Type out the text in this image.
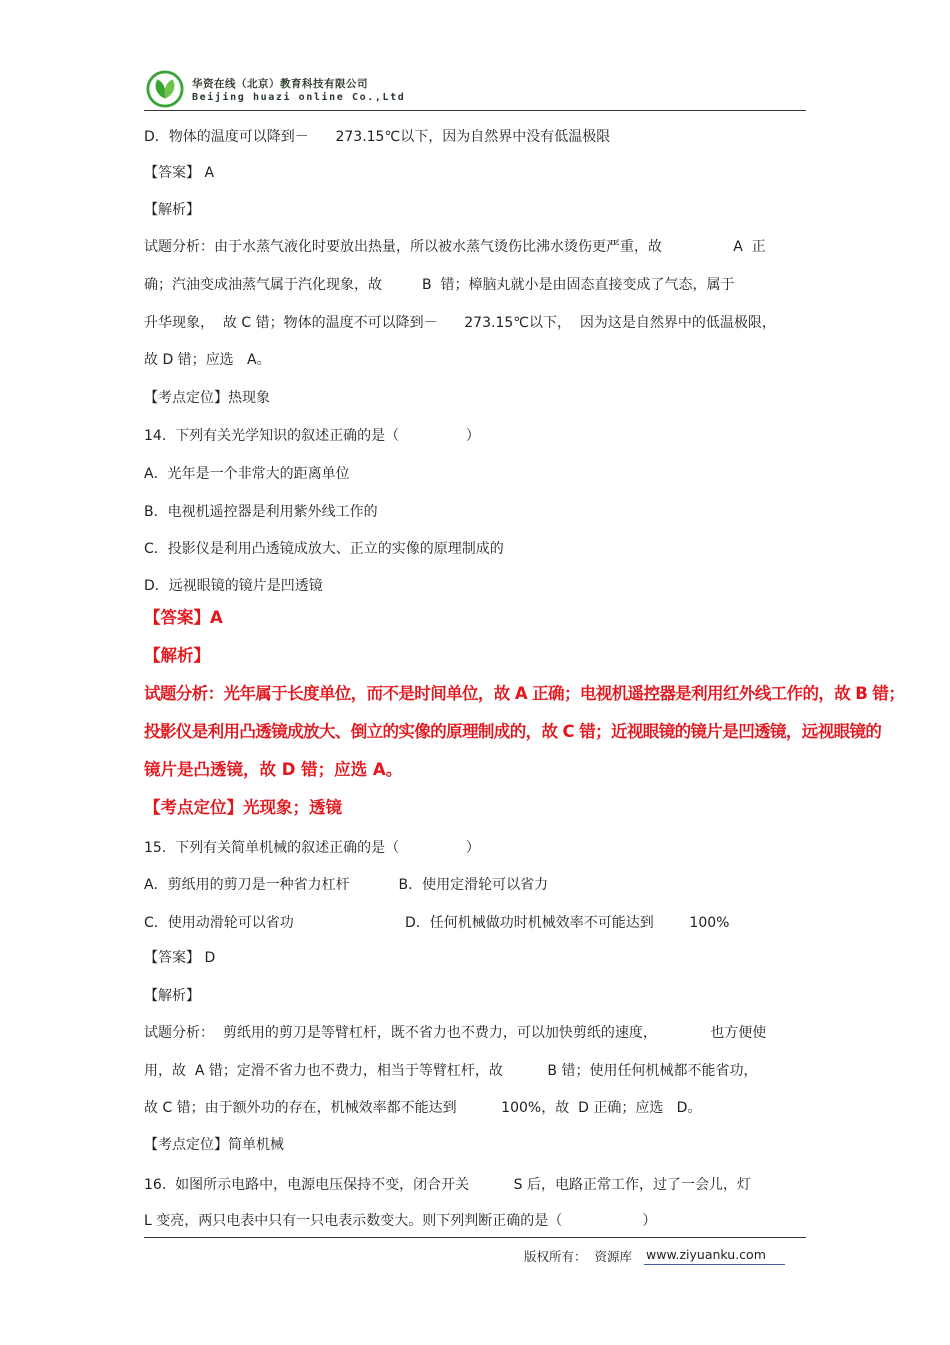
华资在线（北京）教育科技有限公司
Beijing huazi online Co.,Ltd
D．物体的温度可以降到－      273.15℃以下，因为自然界中没有低温极限
【答案】 A
【解析】
试题分析：由于水蒸气液化时要放出热量，所以被水蒸气烫伤比沸水烫伤更严重，故                A  正
确；汽油变成油蒸气属于汽化现象，故         B  错；樟脑丸就小是由固态直接变成了气态，属于
升华现象，  故 C 错；物体的温度不可以降到－      273.15℃以下，  因为这是自然界中的低温极限，
故 D 错；应选   A。
【考点定位】热现象
14.  下列有关光学知识的叙述正确的是（               ）
A．光年是一个非常大的距离单位
B．电视机遥控器是利用紫外线工作的
C．投影仪是利用凸透镜成放大、正立的实像的原理制成的
D．远视眼镜的镜片是凹透镜
【答案】A
【解析】
试题分析：光年属于长度单位，而不是时间单位，故 A 正确；电视机遥控器是利用红外线工作的，故 B 错；
投影仪是利用凸透镜成放大、倒立的实像的原理制成的，故 C 错；近视眼镜的镜片是凹透镜，远视眼镜的
镜片是凸透镜，故 D 错；应选 A。
【考点定位】光现象；透镜
15.  下列有关简单机械的叙述正确的是（               ）
A．剪纸用的剪刀是一种省力杠杆           B．使用定滑轮可以省力
C．使用动滑轮可以省功                         D．任何机械做功时机械效率不可能达到        100%
【答案】 D
【解析】
试题分析：  剪纸用的剪刀是等臂杠杆，既不省力也不费力，可以加快剪纸的速度，            也方便使
用，故  A 错；定滑不省力也不费力，相当于等臂杠杆，故          B 错；使用任何机械都不能省功，
故 C 错；由于额外功的存在，机械效率都不能达到          100%，故  D 正确；应选   D。
【考点定位】简单机械
16.  如图所示电路中，电源电压保持不变，闭合开关          S 后，电路正常工作，过了一会儿，灯
L 变亮，两只电表中只有一只电表示数变大。则下列判断正确的是（                  ）
版权所有：  资源库 www.ziyuanku.com
